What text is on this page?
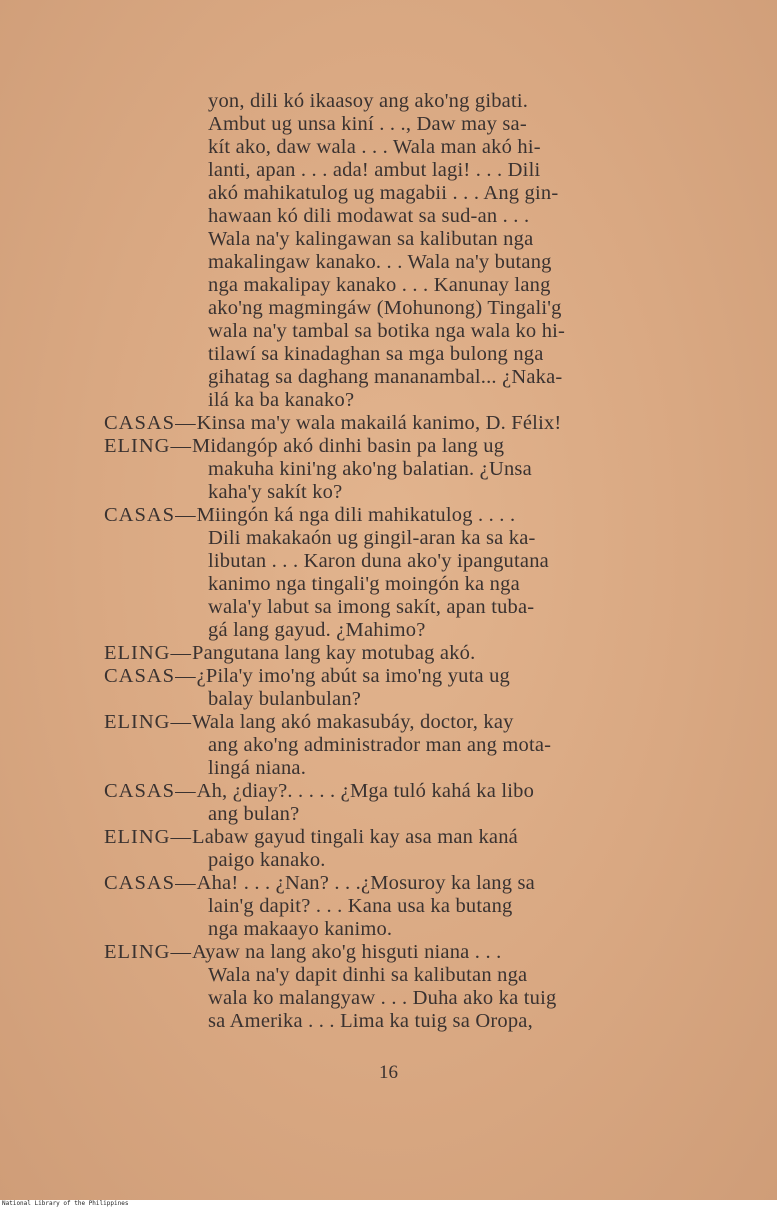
yon, dili kó ikaasoy ang ako'ng gibati.
Ambut ug unsa kiní . . ., Daw may sa-
kít ako, daw wala . . . Wala man akó hi-
lanti, apan . . . ada! ambut lagi! . . . Dili
akó mahikatulog ug magabii . . . Ang gin-
hawaan kó dili modawat sa sud-an . . .
Wala na'y kalingawan sa kalibutan nga
makalingaw kanako. . . Wala na'y butang
nga makalipay kanako . . . Kanunay lang
ako'ng magmingáw (Mohunong) Tingali'g
wala na'y tambal sa botika nga wala ko hi-
tilawí sa kinadaghan sa mga bulong nga
gihatag sa daghang mananambal... ¿Naka-
ilá ka ba kanako?
CASAS—Kinsa ma'y wala makailá kanimo, D. Félix!
ELING—Midangóp akó dinhi basin pa lang ug
makuha kini'ng ako'ng balatian. ¿Unsa
kaha'y sakít ko?
CASAS—Miingón ká nga dili mahikatulog . . . .
Dili makakaón ug gingil-aran ka sa ka-
libutan . . . Karon duna ako'y ipangutana
kanimo nga tingali'g moingón ka nga
wala'y labut sa imong sakít, apan tuba-
gá lang gayud. ¿Mahimo?
ELING—Pangutana lang kay motubag akó.
CASAS—¿Pila'y imo'ng abút sa imo'ng yuta ug
balay bulanbulan?
ELING—Wala lang akó makasubáy, doctor, kay
ang ako'ng administrador man ang mota-
lingá niana.
CASAS—Ah, ¿diay?. . . . . ¿Mga tuló kahá ka libo
ang bulan?
ELING—Labaw gayud tingali kay asa man kaná
paigo kanako.
CASAS—Aha! . . . ¿Nan? . . .¿Mosuroy ka lang sa
lain'g dapit? . . . Kana usa ka butang
nga makaayo kanimo.
ELING—Ayaw na lang ako'g hisguti niana . . .
Wala na'y dapit dinhi sa kalibutan nga
wala ko malangyaw . . . Duha ako ka tuig
sa Amerika . . . Lima ka tuig sa Oropa,
16
National Library of the Philippines
